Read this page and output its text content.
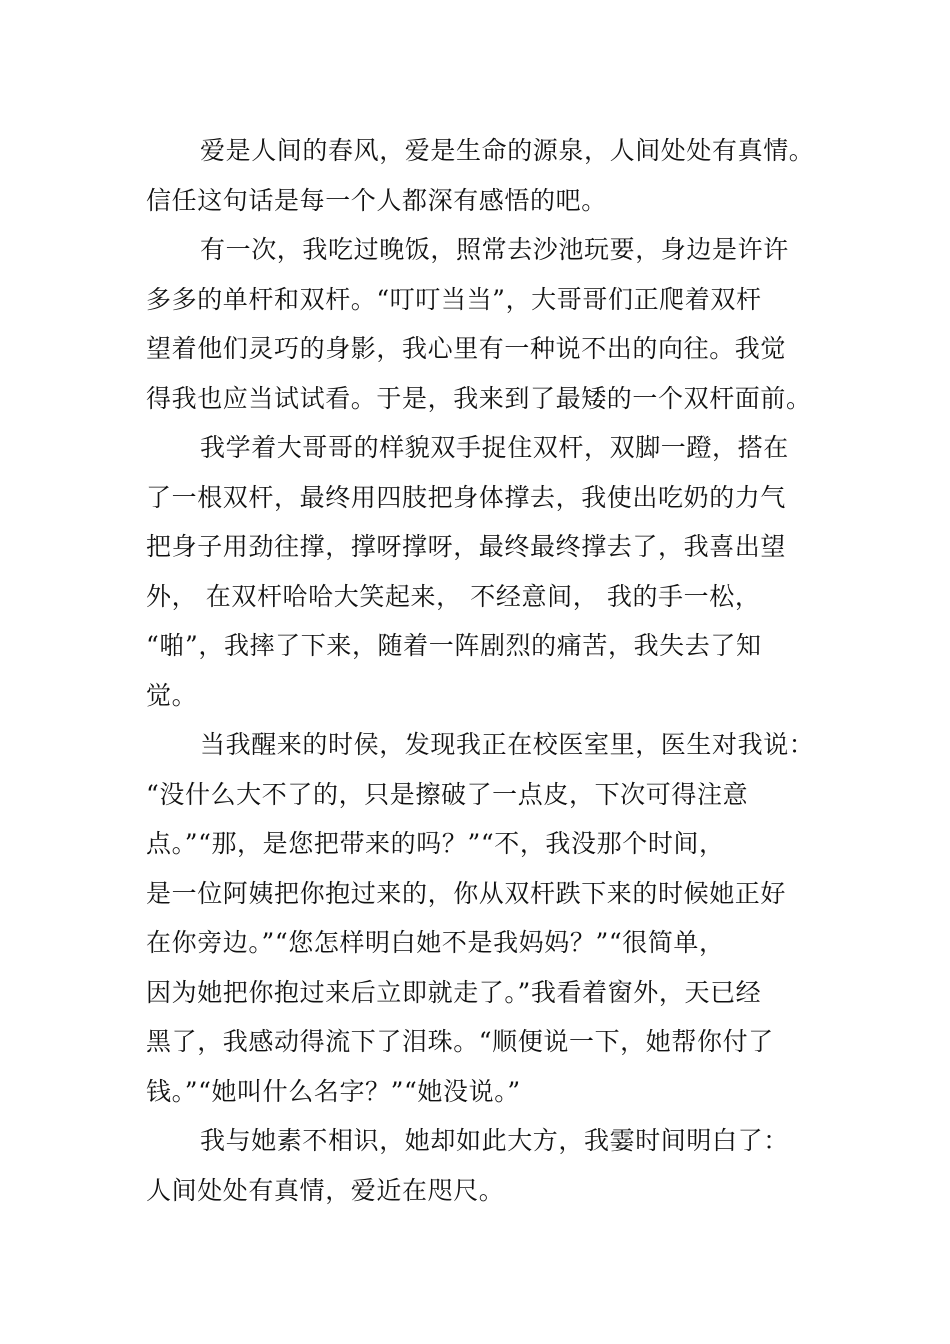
爱是人间的春风，爱是生命的源泉，人间处处有真情。
信任这句话是每一个人都深有感悟的吧。
有一次，我吃过晚饭，照常去沙池玩要，身边是许许
多多的单杆和双杆。“叮叮当当”，大哥哥们正爬着双杆
望着他们灵巧的身影，我心里有一种说不出的向往。我觉
得我也应当试试看。于是，我来到了最矮的一个双杆面前。
我学着大哥哥的样貌双手捉住双杆，双脚一蹬，搭在
了一根双杆，最终用四肢把身体撑去，我使出吃奶的力气
把身子用劲往撑，撑呀撑呀，最终最终撑去了，我喜出望
外， 在双杆哈哈大笑起来， 不经意间， 我的手一松，
“啪”，我摔了下来，随着一阵剧烈的痛苦，我失去了知
觉。
当我醒来的时侯，发现我正在校医室里，医生对我说：
“没什么大不了的，只是擦破了一点皮，下次可得注意
点。”“那，是您把带来的吗？”“不，我没那个时间，
是一位阿姨把你抱过来的，你从双杆跌下来的时候她正好
在你旁边。”“您怎样明白她不是我妈妈？”“很简单，
因为她把你抱过来后立即就走了。”我看着窗外，天已经
黑了，我感动得流下了泪珠。“顺便说一下，她帮你付了
钱。”“她叫什么名字？”“她没说。”
我与她素不相识，她却如此大方，我霎时间明白了：
人间处处有真情，爱近在咫尺。
